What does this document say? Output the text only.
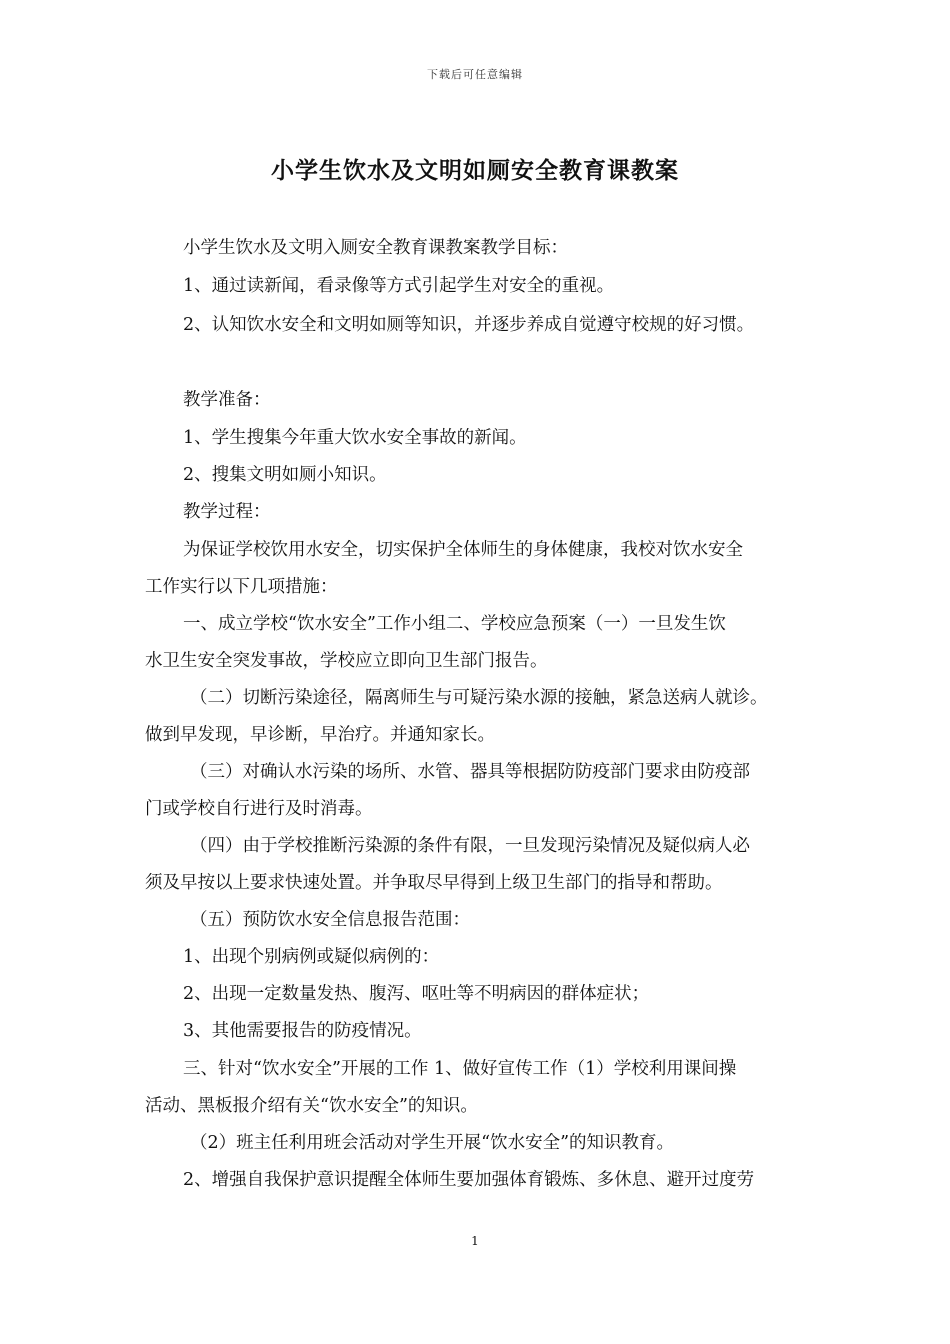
下载后可任意编辑
小学生饮水及文明如厕安全教育课教案
小学生饮水及文明入厕安全教育课教案教学目标：
1、通过读新闻，看录像等方式引起学生对安全的重视。
2、认知饮水安全和文明如厕等知识，并逐步养成自觉遵守校规的好习惯。
教学准备：
1、学生搜集今年重大饮水安全事故的新闻。
2、搜集文明如厕小知识。
教学过程：
为保证学校饮用水安全，切实保护全体师生的身体健康，我校对饮水安全
工作实行以下几项措施：
一、成立学校“饮水安全”工作小组二、学校应急预案（一）一旦发生饮
水卫生安全突发事故，学校应立即向卫生部门报告。
（二）切断污染途径，隔离师生与可疑污染水源的接触，紧急送病人就诊。
做到早发现，早诊断，早治疗。并通知家长。
（三）对确认水污染的场所、水管、器具等根据防防疫部门要求由防疫部
门或学校自行进行及时消毒。
（四）由于学校推断污染源的条件有限，一旦发现污染情况及疑似病人必
须及早按以上要求快速处置。并争取尽早得到上级卫生部门的指导和帮助。
（五）预防饮水安全信息报告范围：
1、出现个别病例或疑似病例的：
2、出现一定数量发热、腹泻、呕吐等不明病因的群体症状；
3、其他需要报告的防疫情况。
三、针对“饮水安全”开展的工作 1、做好宣传工作（1）学校利用课间操
活动、黑板报介绍有关“饮水安全”的知识。
（2）班主任利用班会活动对学生开展“饮水安全”的知识教育。
2、增强自我保护意识提醒全体师生要加强体育锻炼、多休息、避开过度劳
1
